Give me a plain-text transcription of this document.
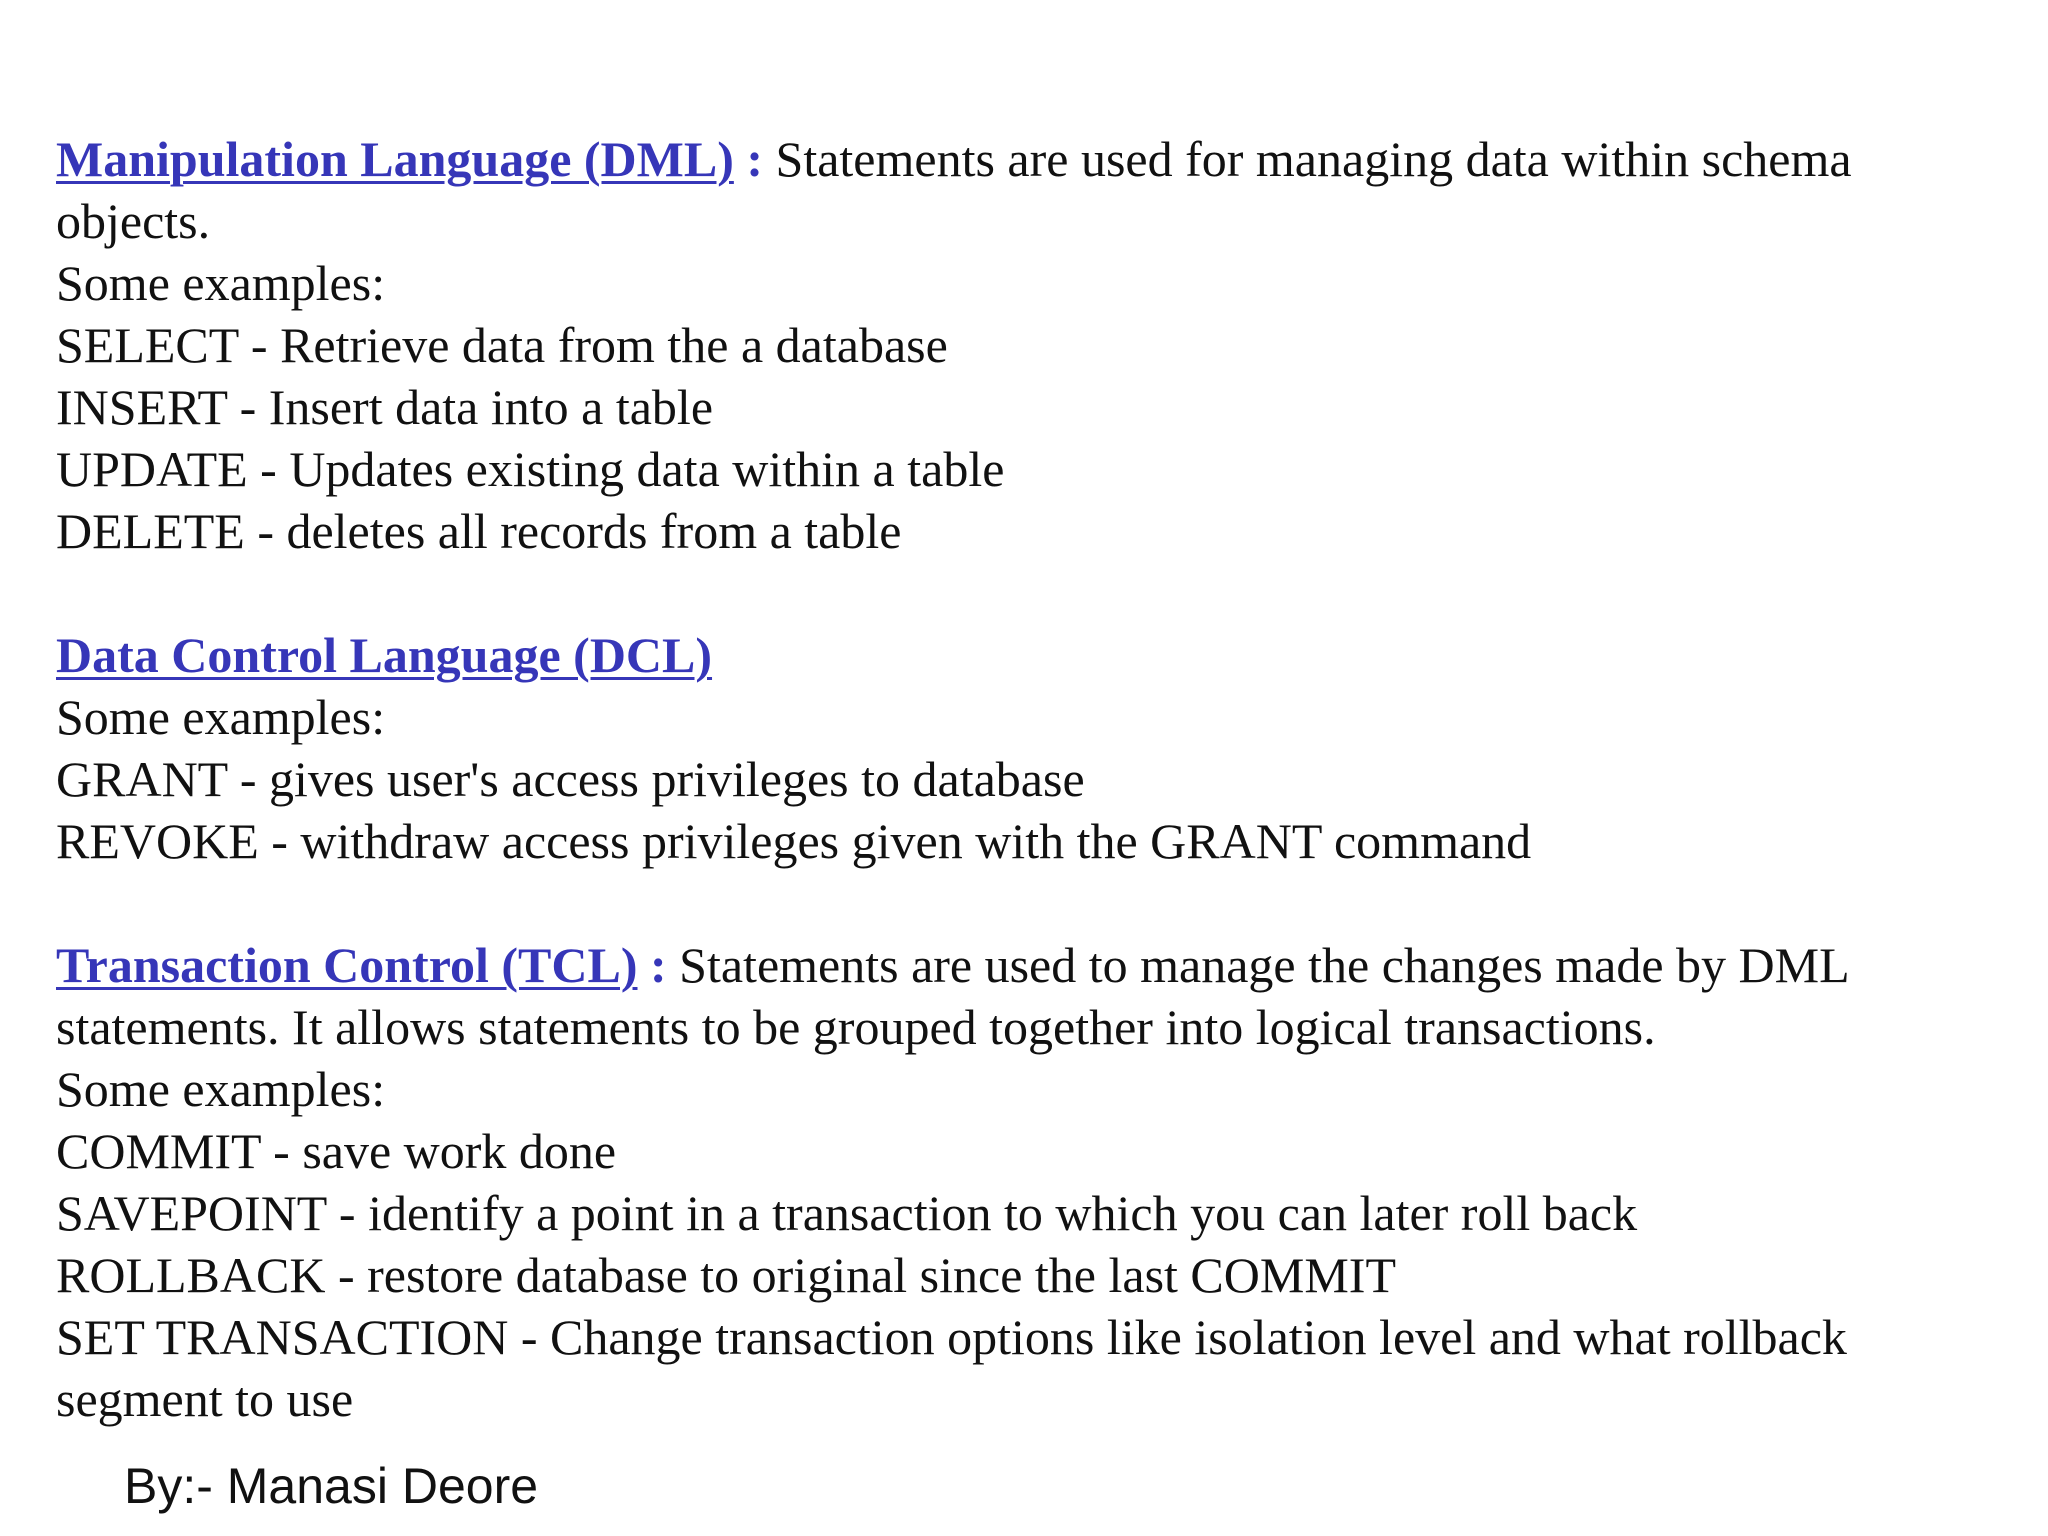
Manipulation Language (DML) : Statements are used for managing data within schema
objects.
Some examples:
SELECT - Retrieve data from the a database
INSERT - Insert data into a table
UPDATE - Updates existing data within a table
DELETE - deletes all records from a table
Data Control Language (DCL)
Some examples:
GRANT - gives user's access privileges to database
REVOKE - withdraw access privileges given with the GRANT command
Transaction Control (TCL) : Statements are used to manage the changes made by DML
statements. It allows statements to be grouped together into logical transactions.
Some examples:
COMMIT - save work done
SAVEPOINT - identify a point in a transaction to which you can later roll back
ROLLBACK - restore database to original since the last COMMIT
SET TRANSACTION - Change transaction options like isolation level and what rollback
segment to use
By:- Manasi Deore
